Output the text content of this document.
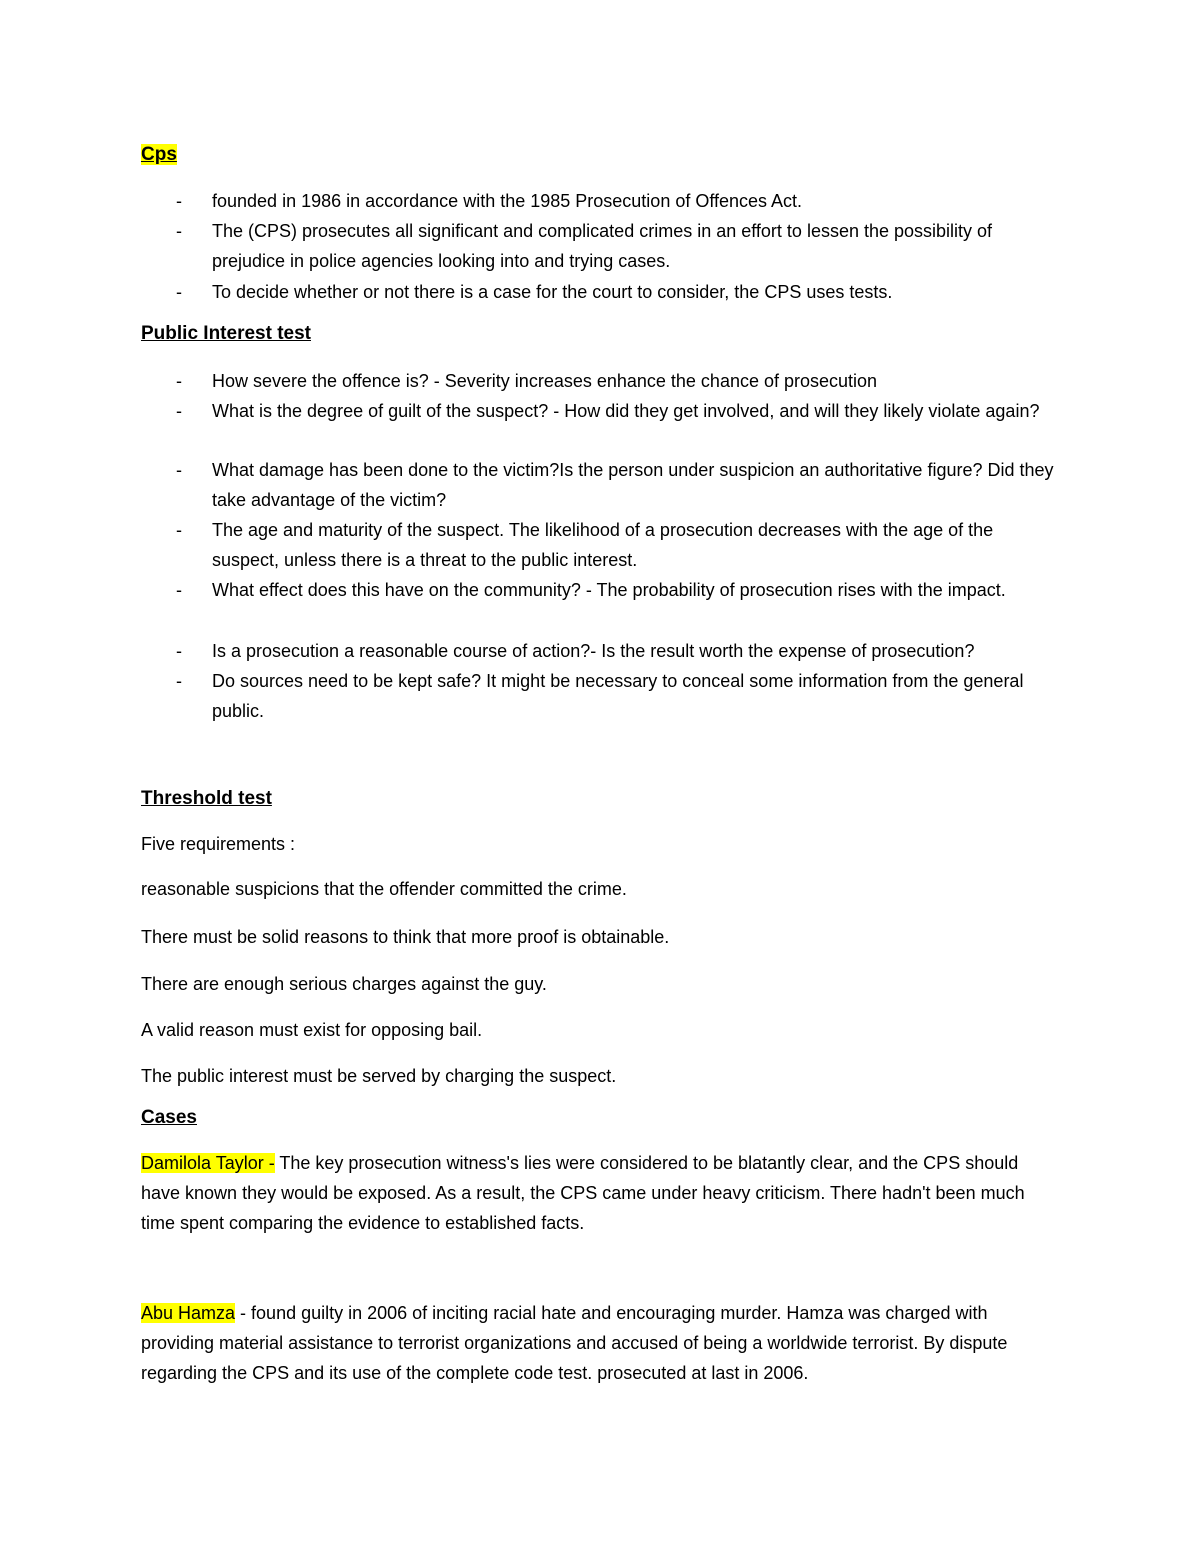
Cps
-	founded in 1986 in accordance with the 1985 Prosecution of Offences Act.
-	The (CPS) prosecutes all significant and complicated crimes in an effort to lessen the possibility of prejudice in police agencies looking into and trying cases.
-	To decide whether or not there is a case for the court to consider, the CPS uses tests.
Public Interest test
-	How severe the offence is? - Severity increases enhance the chance of prosecution
-	What is the degree of guilt of the suspect? - How did they get involved, and will they likely violate again?
-	What damage has been done to the victim?Is the person under suspicion an authoritative figure? Did they take advantage of the victim?
-	The age and maturity of the suspect. The likelihood of a prosecution decreases with the age of the suspect, unless there is a threat to the public interest.
-	What effect does this have on the community? - The probability of prosecution rises with the impact.
-	Is a prosecution a reasonable course of action?- Is the result worth the expense of prosecution?
-	Do sources need to be kept safe? It might be necessary to conceal some information from the general public.
Threshold test

Five requirements :

reasonable suspicions that the offender committed the crime.

There must be solid reasons to think that more proof is obtainable.

There are enough serious charges against the guy.

A valid reason must exist for opposing bail.

The public interest must be served by charging the suspect.

Cases

Damilola Taylor - The key prosecution witness's lies were considered to be blatantly clear, and the CPS should have known they would be exposed. As a result, the CPS came under heavy criticism. There hadn't been much time spent comparing the evidence to established facts.

Abu Hamza - found guilty in 2006 of inciting racial hate and encouraging murder. Hamza was charged with providing material assistance to terrorist organizations and accused of being a worldwide terrorist. By dispute regarding the CPS and its use of the complete code test. prosecuted at last in 2006.
